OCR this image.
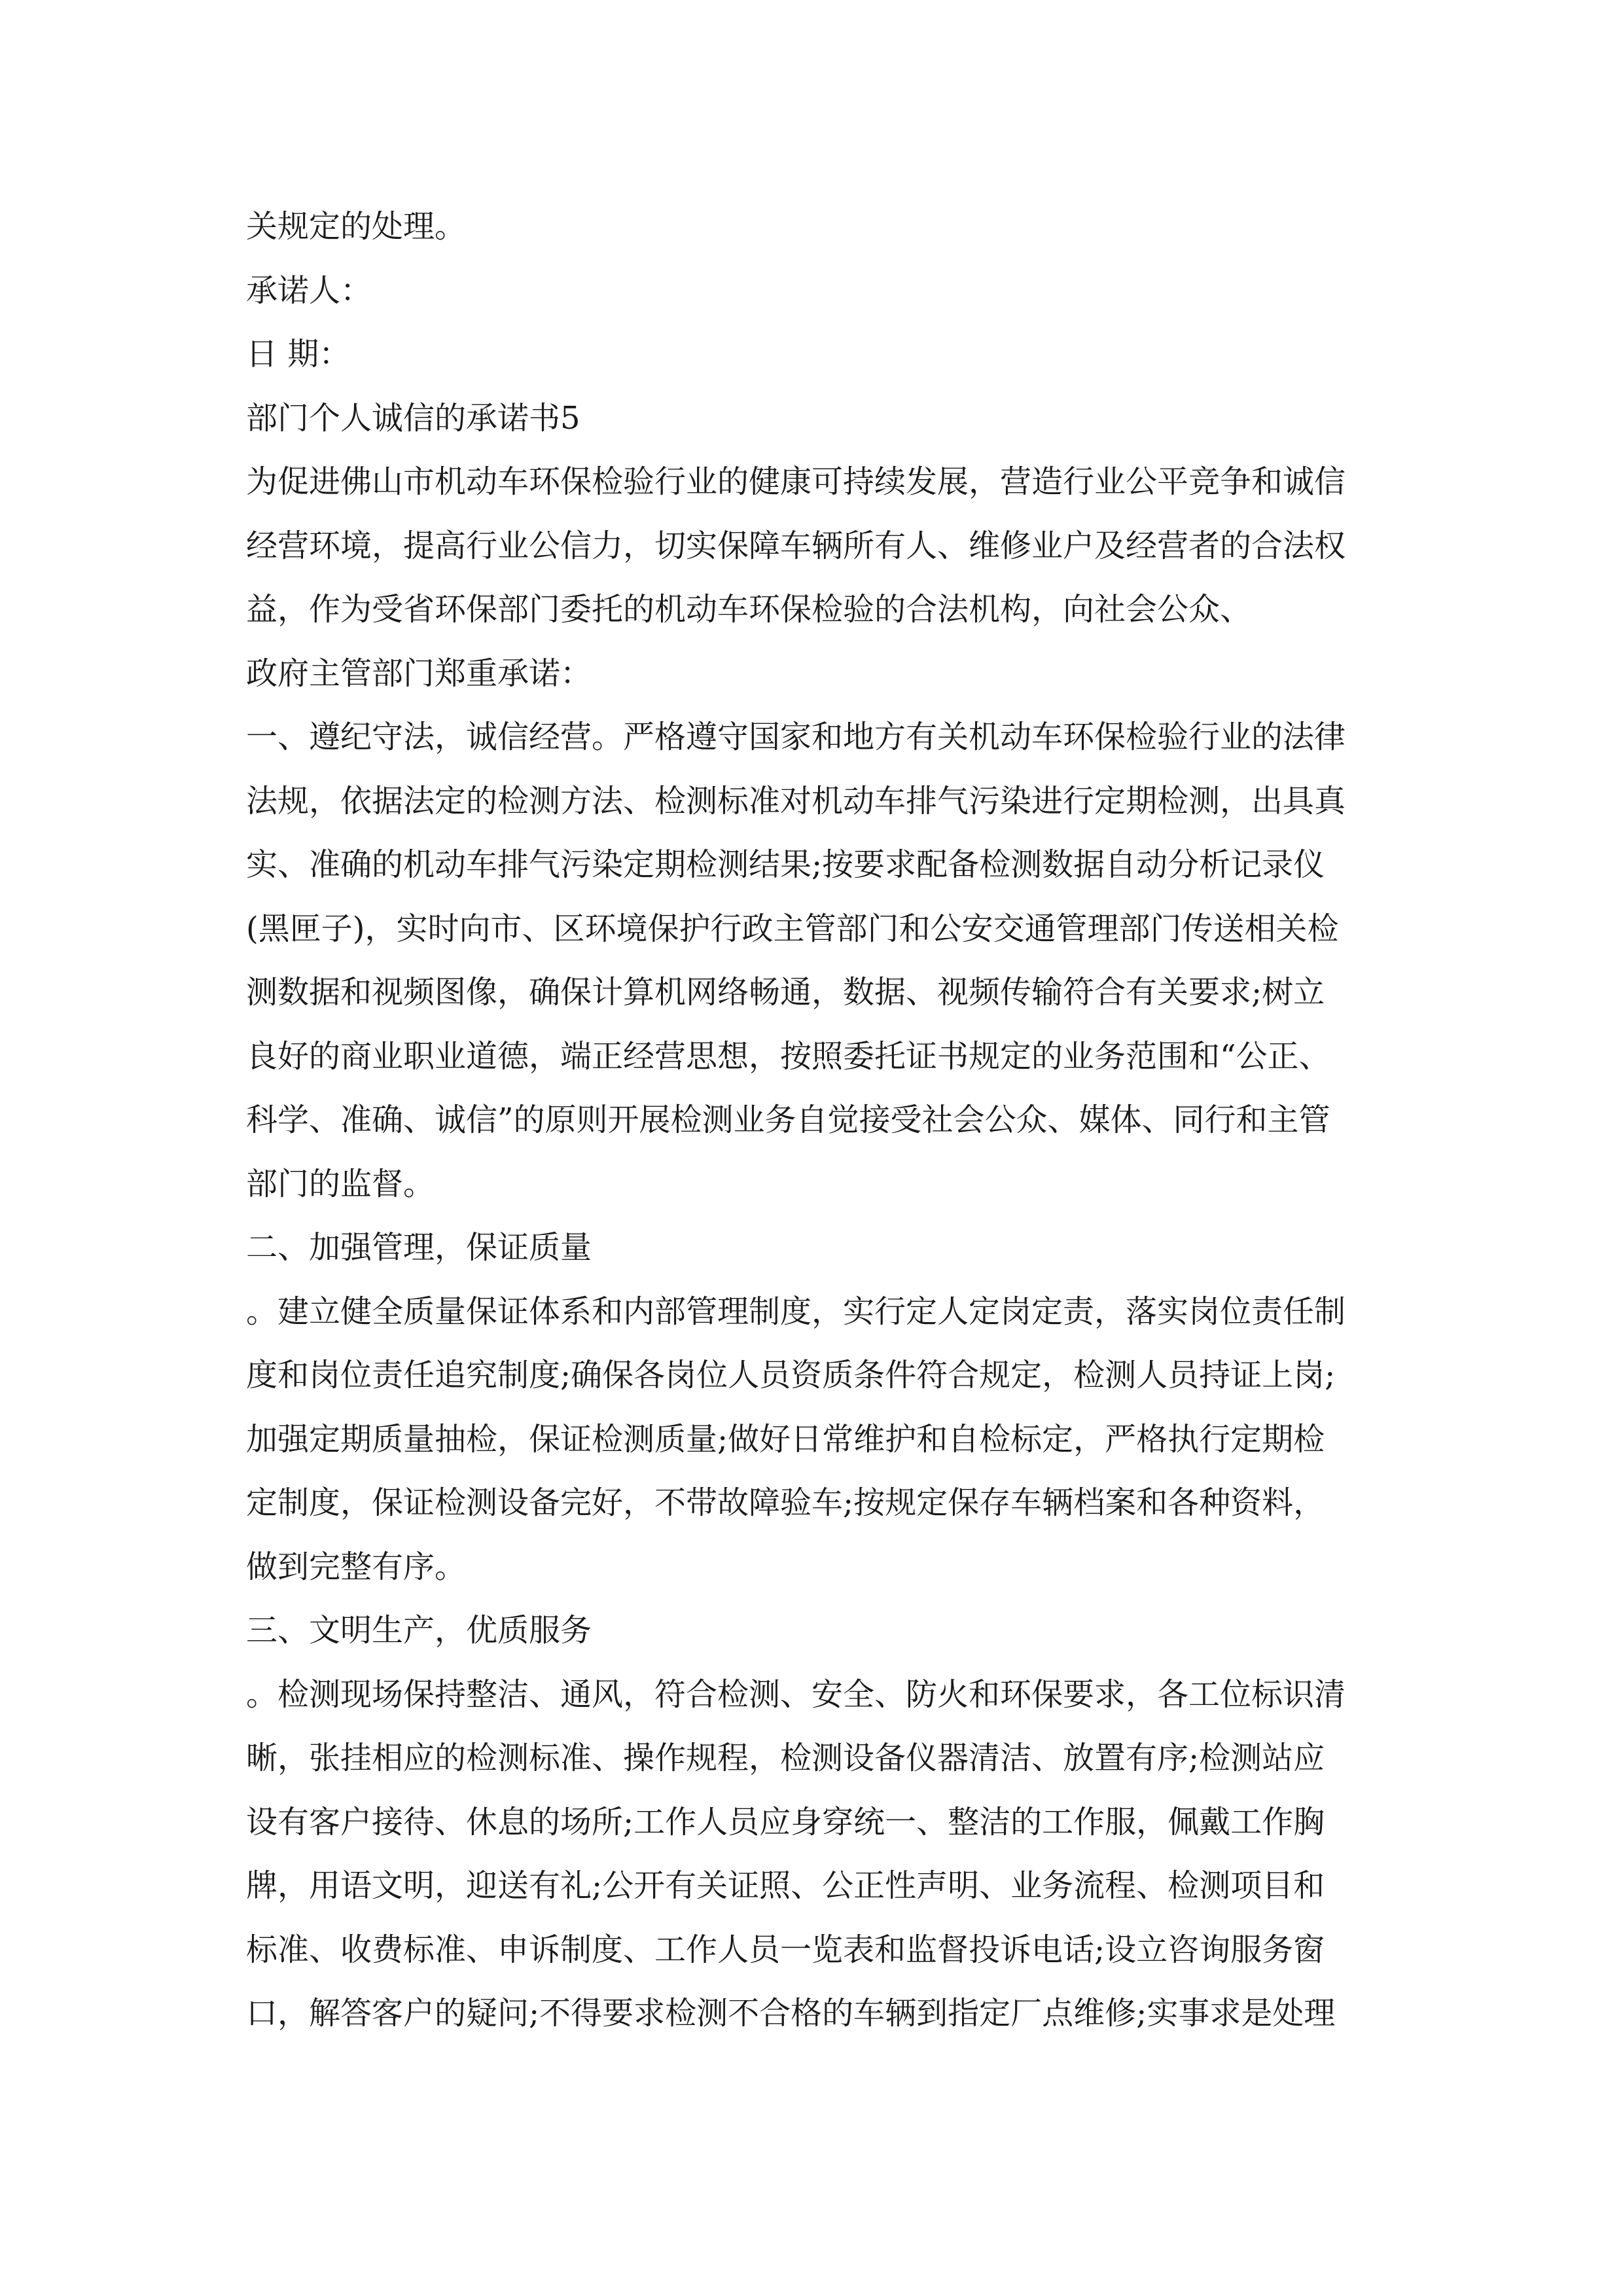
关规定的处理。
承诺人：
日 期：
部门个人诚信的承诺书5
为促进佛山市机动车环保检验行业的健康可持续发展，营造行业公平竞争和诚信
经营环境，提高行业公信力，切实保障车辆所有人、维修业户及经营者的合法权
益，作为受省环保部门委托的机动车环保检验的合法机构，向社会公众、
政府主管部门郑重承诺：
一、遵纪守法，诚信经营。严格遵守国家和地方有关机动车环保检验行业的法律
法规，依据法定的检测方法、检测标准对机动车排气污染进行定期检测，出具真
实、准确的机动车排气污染定期检测结果;按要求配备检测数据自动分析记录仪
(黑匣子)，实时向市、区环境保护行政主管部门和公安交通管理部门传送相关检
测数据和视频图像，确保计算机网络畅通，数据、视频传输符合有关要求;树立
良好的商业职业道德，端正经营思想，按照委托证书规定的业务范围和“公正、
科学、准确、诚信”的原则开展检测业务自觉接受社会公众、媒体、同行和主管
部门的监督。
二、加强管理，保证质量
。建立健全质量保证体系和内部管理制度，实行定人定岗定责，落实岗位责任制
度和岗位责任追究制度;确保各岗位人员资质条件符合规定，检测人员持证上岗;
加强定期质量抽检，保证检测质量;做好日常维护和自检标定，严格执行定期检
定制度，保证检测设备完好，不带故障验车;按规定保存车辆档案和各种资料，
做到完整有序。
三、文明生产，优质服务
。检测现场保持整洁、通风，符合检测、安全、防火和环保要求，各工位标识清
晰，张挂相应的检测标准、操作规程，检测设备仪器清洁、放置有序;检测站应
设有客户接待、休息的场所;工作人员应身穿统一、整洁的工作服，佩戴工作胸
牌，用语文明，迎送有礼;公开有关证照、公正性声明、业务流程、检测项目和
标准、收费标准、申诉制度、工作人员一览表和监督投诉电话;设立咨询服务窗
口，解答客户的疑问;不得要求检测不合格的车辆到指定厂点维修;实事求是处理
